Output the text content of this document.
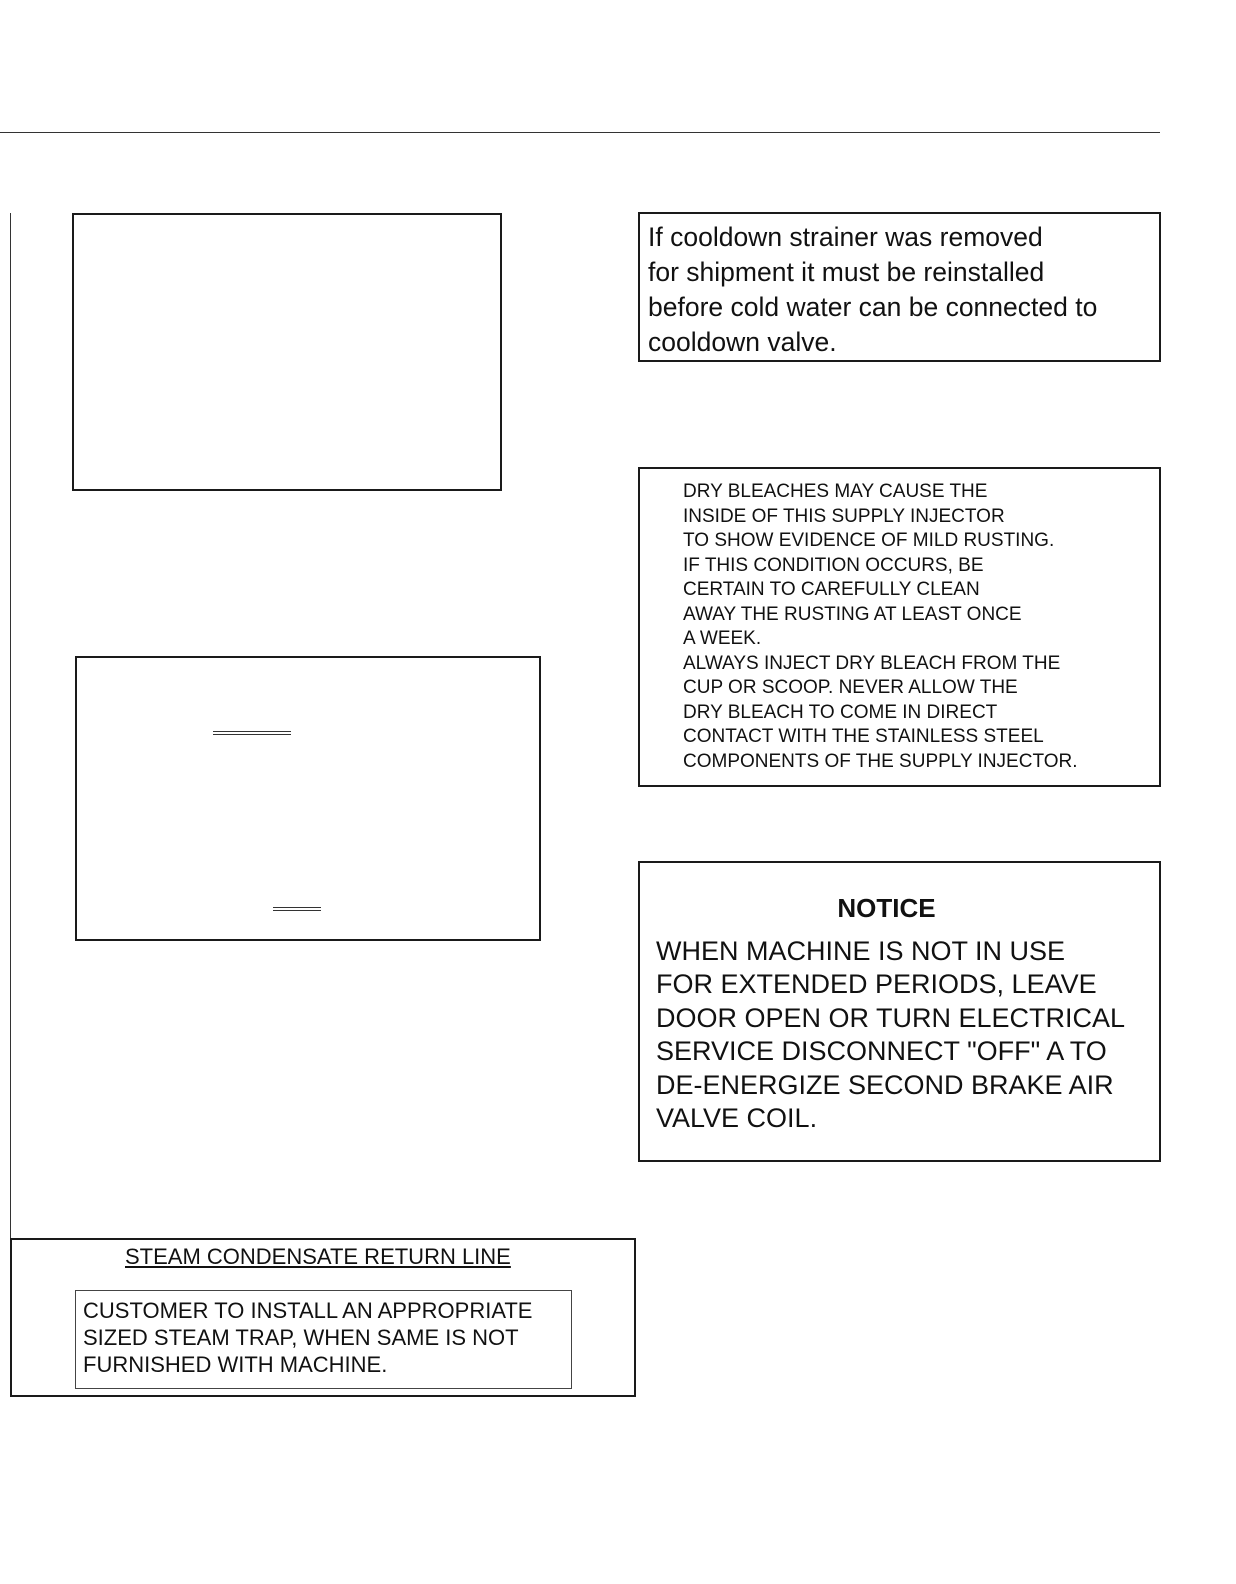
If cooldown strainer was removed
for shipment it must be reinstalled
before cold water can be connected to
cooldown valve.
DRY BLEACHES MAY CAUSE THE
INSIDE OF THIS SUPPLY INJECTOR
TO SHOW EVIDENCE OF MILD RUSTING.
IF THIS CONDITION OCCURS, BE
CERTAIN TO CAREFULLY CLEAN
AWAY THE RUSTING AT LEAST ONCE
A WEEK.
ALWAYS INJECT DRY BLEACH FROM THE
CUP OR SCOOP. NEVER ALLOW THE
DRY BLEACH TO COME IN DIRECT
CONTACT WITH THE STAINLESS STEEL
COMPONENTS OF THE SUPPLY INJECTOR.
NOTICE
WHEN MACHINE IS NOT IN USE
FOR EXTENDED PERIODS, LEAVE
DOOR OPEN OR TURN ELECTRICAL
SERVICE DISCONNECT "OFF" A TO
DE-ENERGIZE SECOND BRAKE AIR
VALVE COIL.
STEAM CONDENSATE RETURN LINE
CUSTOMER TO INSTALL AN APPROPRIATE
SIZED STEAM TRAP, WHEN SAME IS NOT
FURNISHED WITH MACHINE.
